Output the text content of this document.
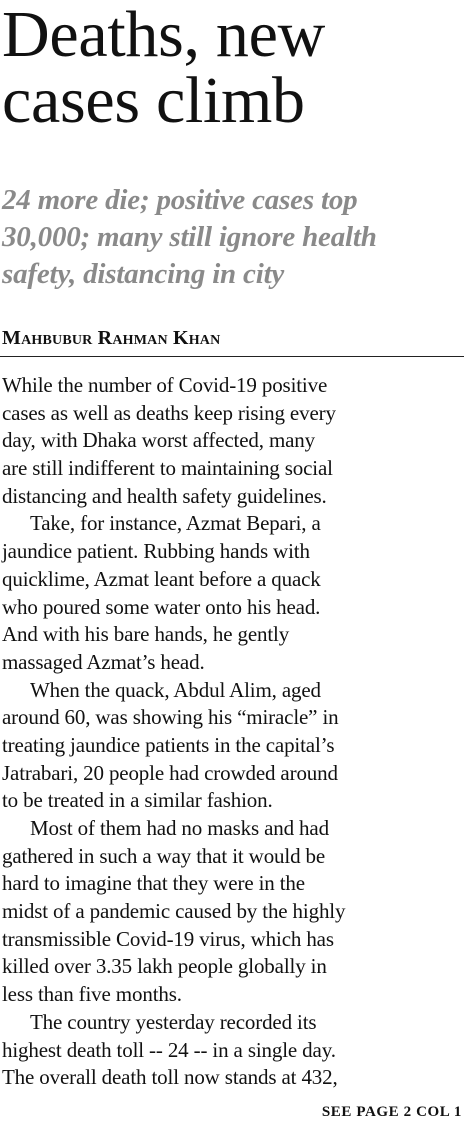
Deaths, new
cases climb
24 more die; positive cases top
30,000; many still ignore health
safety, distancing in city
Mahbubur Rahman Khan
While the number of Covid-19 positive
cases as well as deaths keep rising every
day, with Dhaka worst affected, many
are still indifferent to maintaining social
distancing and health safety guidelines.
Take, for instance, Azmat Bepari, a
jaundice patient. Rubbing hands with
quicklime, Azmat leant before a quack
who poured some water onto his head.
And with his bare hands, he gently
massaged Azmat’s head.
When the quack, Abdul Alim, aged
around 60, was showing his “miracle” in
treating jaundice patients in the capital’s
Jatrabari, 20 people had crowded around
to be treated in a similar fashion.
Most of them had no masks and had
gathered in such a way that it would be
hard to imagine that they were in the
midst of a pandemic caused by the highly
transmissible Covid-19 virus, which has
killed over 3.35 lakh people globally in
less than five months.
The country yesterday recorded its
highest death toll -- 24 -- in a single day.
The overall death toll now stands at 432,
SEE PAGE 2 COL 1
